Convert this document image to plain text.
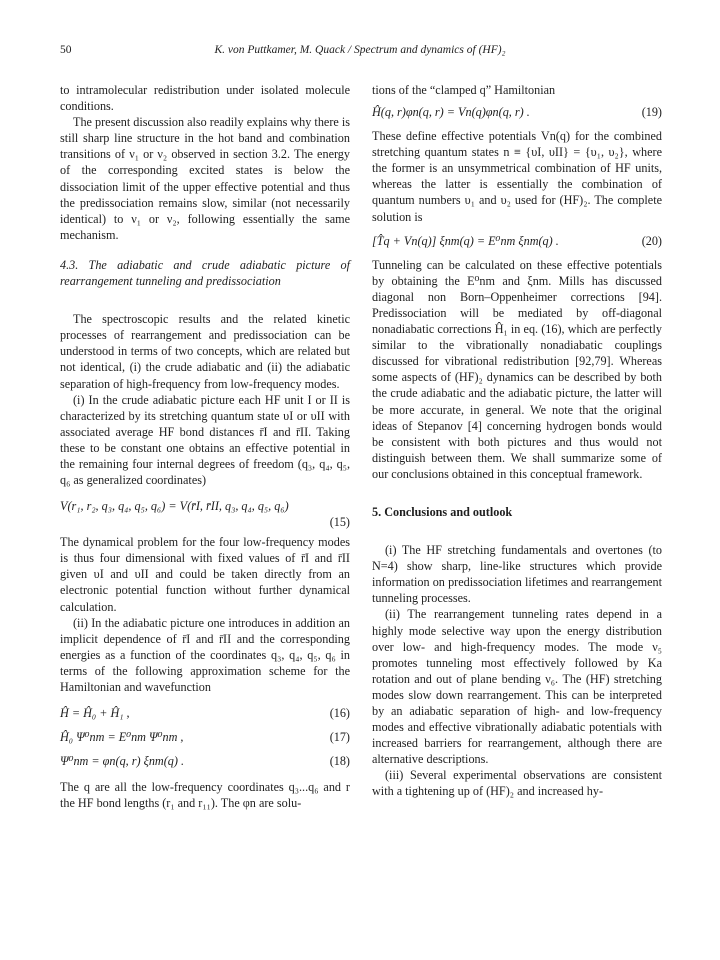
50	K. von Puttkamer, M. Quack / Spectrum and dynamics of (HF)₂

to intramolecular redistribution under isolated molecule conditions.

The present discussion also readily explains why there is still sharp line structure in the hot band and combination transitions of ν₁ or ν₂ observed in section 3.2. The energy of the corresponding excited states is below the dissociation limit of the upper effective potential and thus the predissociation remains slow, similar (not necessarily identical) to ν₁ or ν₂, following essentially the same mechanism.

4.3. The adiabatic and crude adiabatic picture of rearrangement tunneling and predissociation

The spectroscopic results and the related kinetic processes of rearrangement and predissociation can be understood in terms of two concepts, which are related but not identical, (i) the crude adiabatic and (ii) the adiabatic separation of high-frequency from low-frequency modes.

(i) In the crude adiabatic picture each HF unit I or II is characterized by its stretching quantum state υI or υII with associated average HF bond distances r̄I and r̄II. Taking these to be constant one obtains an effective potential in the remaining four internal degrees of freedom (q₃, q₄, q₅, q₆ as generalized coordinates)

V(r₁, r₂, q₃, q₄, q₅, q₆) = V(r̄I, r̄II, q₃, q₄, q₅, q₆)
(15)

The dynamical problem for the four low-frequency modes is thus four dimensional with fixed values of r̄I and r̄II given υI and υII and could be taken directly from an electronic potential function without further dynamical calculation.

(ii) In the adiabatic picture one introduces in addition an implicit dependence of r̄I and r̄II and the corresponding energies as a function of the coordinates q₃, q₄, q₅, q₆ in terms of the following approximation scheme for the Hamiltonian and wavefunction

Ĥ = Ĥ₀ + Ĥ₁ ,	(16)
Ĥ₀ Ψ⁰nm = E⁰nm Ψ⁰nm ,	(17)
Ψ⁰nm = φn(q, r) ξnm(q) .	(18)

The q are all the low-frequency coordinates q₃...q₆ and r the HF bond lengths (r₁ and r₁₁). The φn are solu-

tions of the “clamped q” Hamiltonian

Ĥ(q, r)φn(q, r) = Vn(q)φn(q, r) .	(19)

These define effective potentials Vn(q) for the combined stretching quantum states n ≡ {υI, υII} = {υ₁, υ₂}, where the former is an unsymmetrical combination of HF units, whereas the latter is essentially the combination of quantum numbers υ₁ and υ₂ used for (HF)₂. The complete solution is

[T̂q + Vn(q)] ξnm(q) = E⁰nm ξnm(q) .	(20)

Tunneling can be calculated on these effective potentials by obtaining the E⁰nm and ξnm. Mills has discussed diagonal non Born–Oppenheimer corrections [94]. Predissociation will be mediated by off-diagonal nonadiabatic corrections Ĥ₁ in eq. (16), which are perfectly similar to the vibrationally nonadiabatic couplings discussed for vibrational redistribution [92,79]. Whereas some aspects of (HF)₂ dynamics can be described by both the crude adiabatic and the adiabatic picture, the latter will be more accurate, in general. We note that the original ideas of Stepanov [4] concerning hydrogen bonds would be consistent with both pictures and thus would not distinguish between them. We shall summarize some of our conclusions obtained in this conceptual framework.

5. Conclusions and outlook

(i) The HF stretching fundamentals and overtones (to N=4) show sharp, line-like structures which provide information on predissociation lifetimes and rearrangement tunneling processes.

(ii) The rearrangement tunneling rates depend in a highly mode selective way upon the energy distribution over low- and high-frequency modes. The mode ν₅ promotes tunneling most effectively followed by Ka rotation and out of plane bending ν₆. The (HF) stretching modes slow down rearrangement. This can be interpreted by an adiabatic separation of high- and low-frequency modes and effective vibrationally adiabatic potentials with increased barriers for rearrangement, although there are alternative descriptions.

(iii) Several experimental observations are consistent with a tightening up of (HF)₂ and increased hy-
